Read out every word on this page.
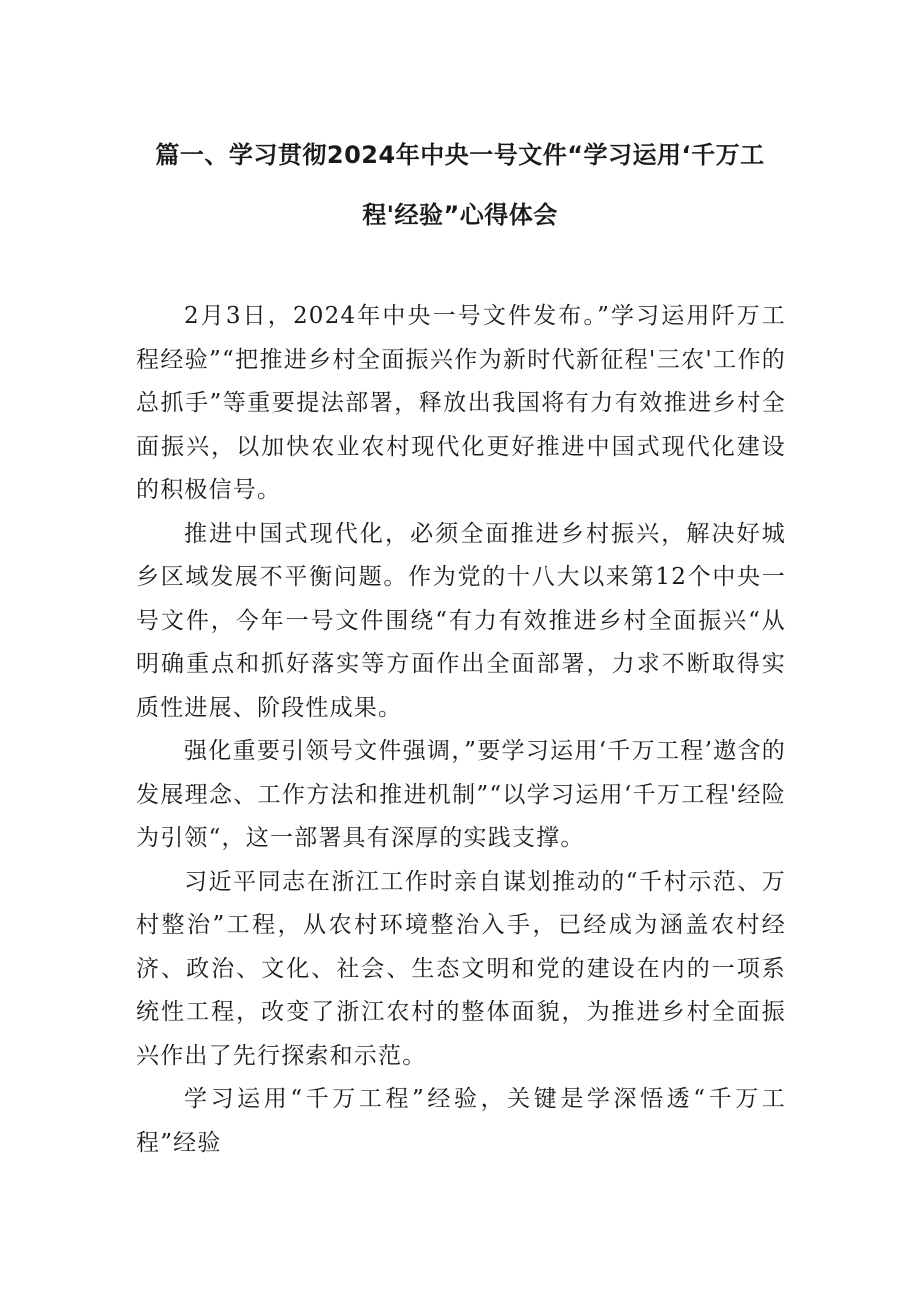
篇一、学习贯彻2024年中央一号文件“学习运用‘千万工
程'经验”心得体会

2月3日，2024年中央一号文件发布。”学习运用阡万工程经验”“把推进乡村全面振兴作为新时代新征程'三农'工作的总抓手”等重要提法部署，释放出我国将有力有效推进乡村全面振兴，以加快农业农村现代化更好推进中国式现代化建设的积极信号。

推进中国式现代化，必须全面推进乡村振兴，解决好城乡区域发展不平衡问题。作为党的十八大以来第12个中央一号文件，今年一号文件围绕“有力有效推进乡村全面振兴“从明确重点和抓好落实等方面作出全面部署，力求不断取得实质性进展、阶段性成果。

强化重要引领号文件强调，”要学习运用‘千万工程’遨含的发展理念、工作方法和推进机制”“以学习运用‘千万工程'经险为引领“，这一部署具有深厚的实践支撑。

习近平同志在浙江工作时亲自谋划推动的“千村示范、万村整治”工程，从农村环境整治入手，已经成为涵盖农村经济、政治、文化、社会、生态文明和党的建设在内的一项系统性工程，改变了浙江农村的整体面貌，为推进乡村全面振兴作出了先行探索和示范。

学习运用“千万工程”经验，关键是学深悟透“千万工程”经验
